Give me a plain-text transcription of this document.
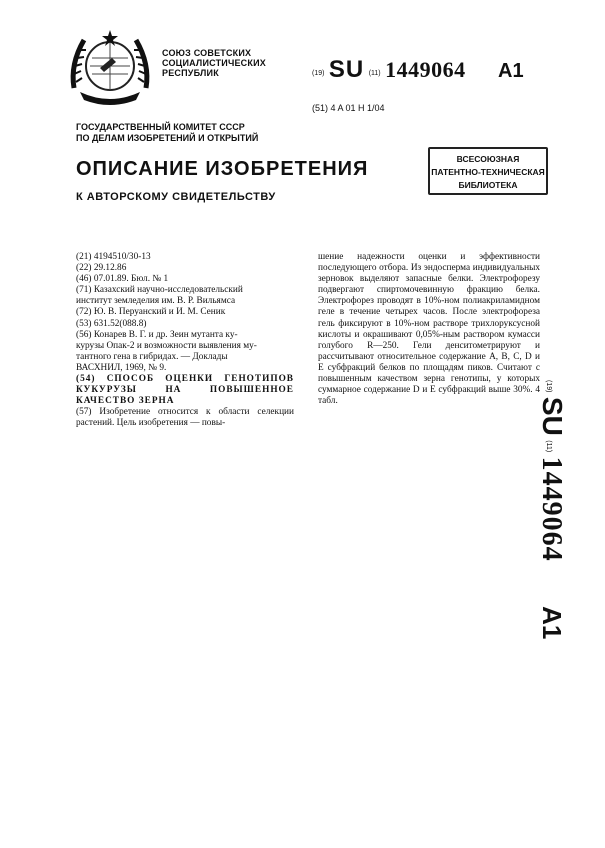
СОЮЗ СОВЕТСКИХ
СОЦИАЛИСТИЧЕСКИХ
РЕСПУБЛИК	(19) SU (11) 1449064 A1
(51) 4 A 01 H 1/04
ГОСУДАРСТВЕННЫЙ КОМИТЕТ СССР
ПО ДЕЛАМ ИЗОБРЕТЕНИЙ И ОТКРЫТИЙ
ОПИСАНИЕ ИЗОБРЕТЕНИЯ
К АВТОРСКОМУ СВИДЕТЕЛЬСТВУ
ВСЕСОЮЗНАЯ
ПАТЕНТНО-ТЕХНИЧЕСКАЯ
БИБЛИОТЕКА
(21) 4194510/30-13
(22) 29.12.86
(46) 07.01.89. Бюл. № 1
(71) Казахский научно-исследовательский
институт земледелия им. В. Р. Вильямса
(72) Ю. В. Перуанский и И. М. Сеник
(53) 631.52(088.8)
(56) Конарев В. Г. и др. Зеин мутанта ку-
курузы Опак-2 и возможности выявления му-
тантного гена в гибридах. — Доклады
ВАСХНИЛ, 1969, № 9.

(54) СПОСОБ ОЦЕНКИ ГЕНОТИПОВ КУКУРУЗЫ НА ПОВЫШЕННОЕ КАЧЕСТВО ЗЕРНА

(57) Изобретение относится к области селекции растений. Цель изобретения — повы-

шение надежности оценки и эффективности последующего отбора. Из эндосперма индивидуальных зерновок выделяют запасные белки. Электрофорезу подвергают спиртомочевинную фракцию белка. Электрофорез проводят в 10%-ном полиакриламидном геле в течение четырех часов. После электрофореза гель фиксируют в 10%-ном растворе трихлоруксусной кислоты и окрашивают 0,05%-ным раствором кумасси голубого R—250. Гели денситометрируют и рассчитывают относительное содержание A, B, C, D и E субфракций белков по площадям пиков. Считают с повышенным качеством зерна генотипы, у которых суммарное содержание D и E субфракций выше 30%. 4 табл.

$^{(19)}$ SU $^{(11)}$ 1449064 A1
